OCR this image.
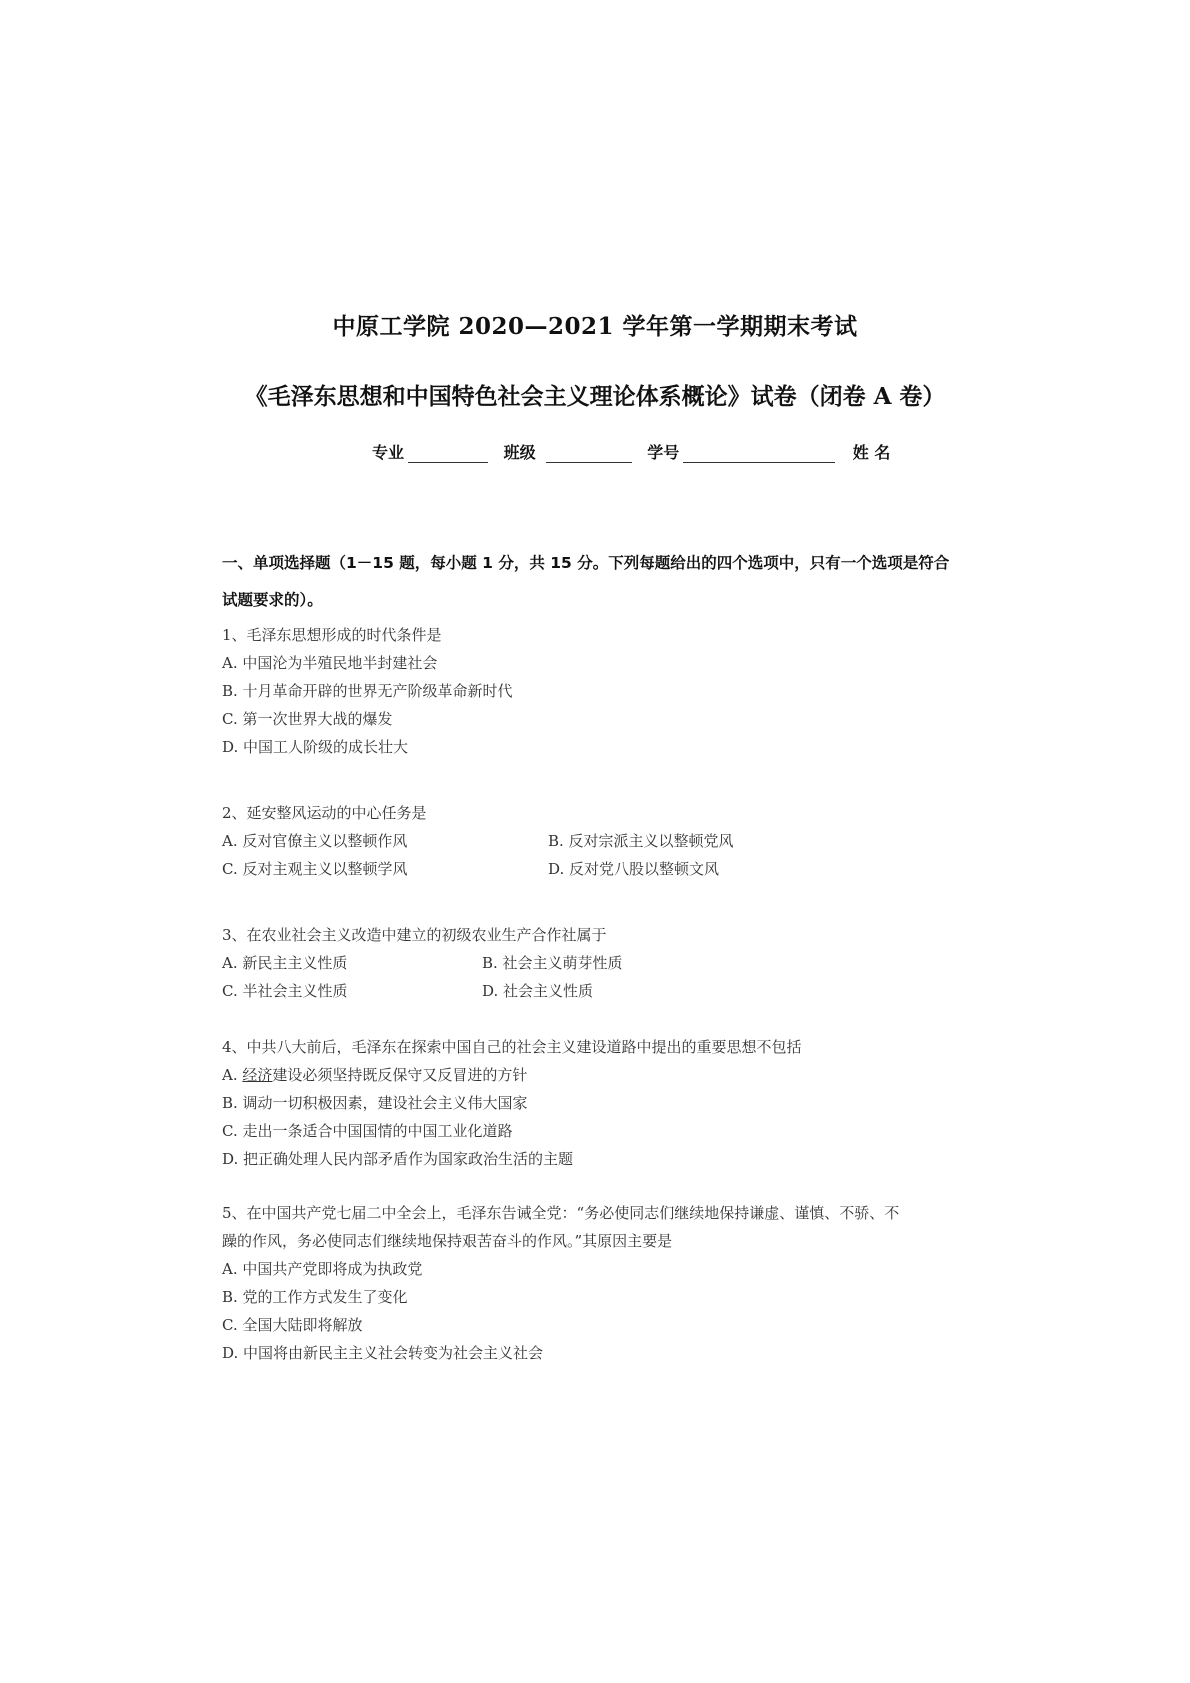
中原工学院 2020—2021 学年第一学期期末考试
《毛泽东思想和中国特色社会主义理论体系概论》试卷（闭卷 A 卷）
专业	班级	学号	姓 名
一、单项选择题（1－15 题，每小题 1 分，共 15 分。下列每题给出的四个选项中，只有一个选项是符合
试题要求的）。
1、毛泽东思想形成的时代条件是
A. 中国沦为半殖民地半封建社会
B. 十月革命开辟的世界无产阶级革命新时代
C. 第一次世界大战的爆发
D. 中国工人阶级的成长壮大
2、延安整风运动的中心任务是
A. 反对官僚主义以整顿作风	B. 反对宗派主义以整顿党风
C. 反对主观主义以整顿学风	D. 反对党八股以整顿文风
3、在农业社会主义改造中建立的初级农业生产合作社属于
A. 新民主主义性质	B. 社会主义萌芽性质
C. 半社会主义性质	D. 社会主义性质
4、中共八大前后，毛泽东在探索中国自己的社会主义建设道路中提出的重要思想不包括
A. 经济建设必须坚持既反保守又反冒进的方针
B. 调动一切积极因素，建设社会主义伟大国家
C. 走出一条适合中国国情的中国工业化道路
D. 把正确处理人民内部矛盾作为国家政治生活的主题
5、在中国共产党七届二中全会上，毛泽东告诫全党：“务必使同志们继续地保持谦虚、谨慎、不骄、不
躁的作风，务必使同志们继续地保持艰苦奋斗的作风。”其原因主要是
A. 中国共产党即将成为执政党
B. 党的工作方式发生了变化
C. 全国大陆即将解放
D. 中国将由新民主主义社会转变为社会主义社会
